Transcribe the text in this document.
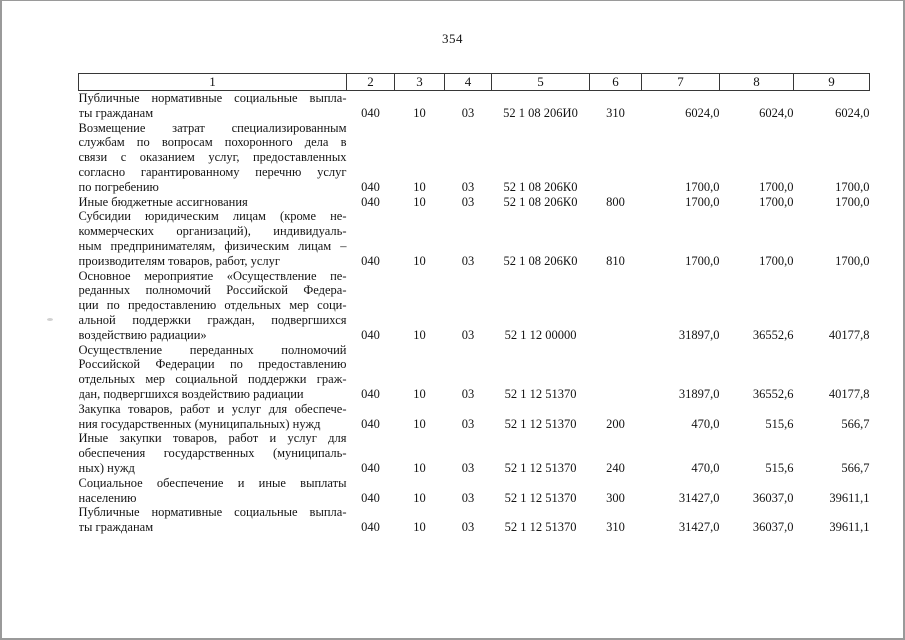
354
1	2	3	4	5	6	7	8	9

Публичные нормативные социальные выпла-
ты гражданам	040	10	03	52 1 08 206И0	310	6024,0	6024,0	6024,0

Возмещение затрат специализированным
службам по вопросам похоронного дела в
связи с оказанием услуг, предоставленных
согласно гарантированному перечню услуг
по погребению	040	10	03	52 1 08 206К0		1700,0	1700,0	1700,0

Иные бюджетные ассигнования	040	10	03	52 1 08 206К0	800	1700,0	1700,0	1700,0

Субсидии юридическим лицам (кроме не-
коммерческих организаций), индивидуаль-
ным предпринимателям, физическим лицам –
производителям товаров, работ, услуг	040	10	03	52 1 08 206К0	810	1700,0	1700,0	1700,0

Основное мероприятие «Осуществление пе-
реданных полномочий Российской Федера-
ции по предоставлению отдельных мер соци-
альной поддержки граждан, подвергшихся
воздействию радиации»	040	10	03	52 1 12 00000		31897,0	36552,6	40177,8

Осуществление переданных полномочий
Российской Федерации по предоставлению
отдельных мер социальной поддержки граж-
дан, подвергшихся воздействию радиации	040	10	03	52 1 12 51370		31897,0	36552,6	40177,8

Закупка товаров, работ и услуг для обеспече-
ния государственных (муниципальных) нужд	040	10	03	52 1 12 51370	200	470,0	515,6	566,7

Иные закупки товаров, работ и услуг для
обеспечения государственных (муниципаль-
ных) нужд	040	10	03	52 1 12 51370	240	470,0	515,6	566,7

Социальное обеспечение и иные выплаты
населению	040	10	03	52 1 12 51370	300	31427,0	36037,0	39611,1

Публичные нормативные социальные выпла-
ты гражданам	040	10	03	52 1 12 51370	310	31427,0	36037,0	39611,1
